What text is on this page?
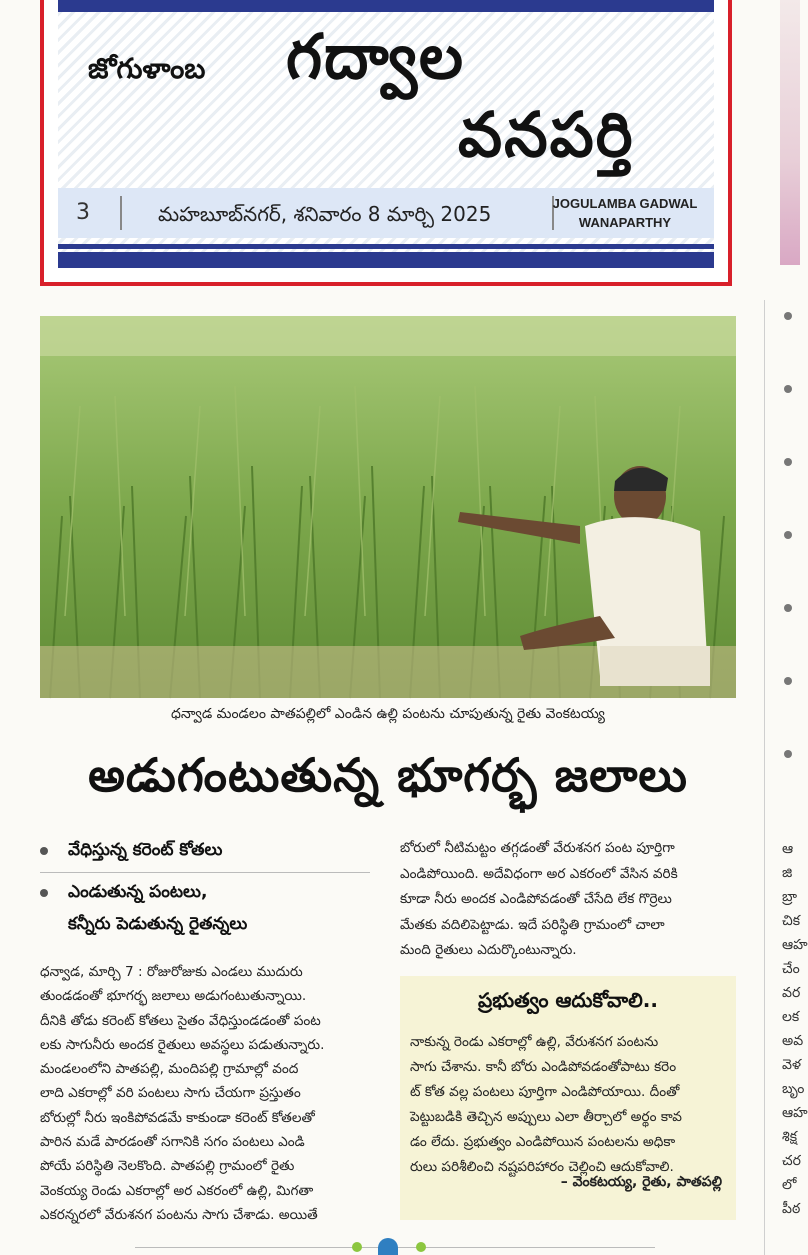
జోగుళాంబ గద్వాల
వనపర్తి
3	మహబూబ్‌నగర్, శనివారం 8 మార్చి 2025	JOGULAMBA GADWAL
WANAPARTHY
ఆ
జి
బ్రా
చిక
ఆహ
చేం
వర
లక
అవ
వెళ
బృం
ఆహ
శిక్ష
చర
లో
పీఠ
ధన్వాడ మండలం పాతపల్లిలో ఎండిన ఉల్లి పంటను చూపుతున్న రైతు వెంకటయ్య
అడుగంటుతున్న భూగర్భ జలాలు
వేధిస్తున్న కరెంట్ కోతలు
ఎండుతున్న పంటలు,
కన్నీరు పెడుతున్న రైతన్నలు
ధన్వాడ, మార్చి 7 : రోజురోజుకు ఎండలు ముదురు
తుండడంతో భూగర్భ జలాలు అడుగంటుతున్నాయి.
దీనికి తోడు కరెంట్ కోతలు సైతం వేధిస్తుండడంతో పంట
లకు సాగునీరు అందక రైతులు అవస్థలు పడుతున్నారు.
మండలంలోని పాతపల్లి, మందిపల్లి గ్రామాల్లో వంద
లాది ఎకరాల్లో వరి పంటలు సాగు చేయగా ప్రస్తుతం
బోరుల్లో నీరు ఇంకిపోవడమే కాకుండా కరెంట్ కోతలతో
పారిన మడే పారడంతో సగానికి సగం పంటలు ఎండి
పోయే పరిస్థితి నెలకొంది. పాతపల్లి గ్రామంలో రైతు
వెంకయ్య రెండు ఎకరాల్లో అర ఎకరంలో ఉల్లి, మిగతా
ఎకరన్నరలో వేరుశనగ పంటను సాగు చేశాడు. అయితే
బోరులో నీటిమట్టం తగ్గడంతో వేరుశనగ పంట పూర్తిగా
ఎండిపోయింది. అదేవిధంగా అర ఎకరంలో వేసిన వరికి
కూడా నీరు అందక ఎండిపోవడంతో చేసేది లేక గొర్రెలు
మేతకు వదిలిపెట్టాడు. ఇదే పరిస్థితి గ్రామంలో చాలా
మంది రైతులు ఎదుర్కొంటున్నారు.
ప్రభుత్వం ఆదుకోవాలి..
నాకున్న రెండు ఎకరాల్లో ఉల్లి, వేరుశనగ పంటను
సాగు చేశాను. కానీ బోరు ఎండిపోవడంతోపాటు కరెం
ట్ కోత వల్ల పంటలు పూర్తిగా ఎండిపోయాయి. దీంతో
పెట్టుబడికి తెచ్చిన అప్పులు ఎలా తీర్చాలో అర్థం కావ
డం లేదు. ప్రభుత్వం ఎండిపోయిన పంటలను అధికా
రులు పరిశీలించి నష్టపరిహారం చెల్లించి ఆదుకోవాలి.
– వెంకటయ్య, రైతు, పాతపల్లి
